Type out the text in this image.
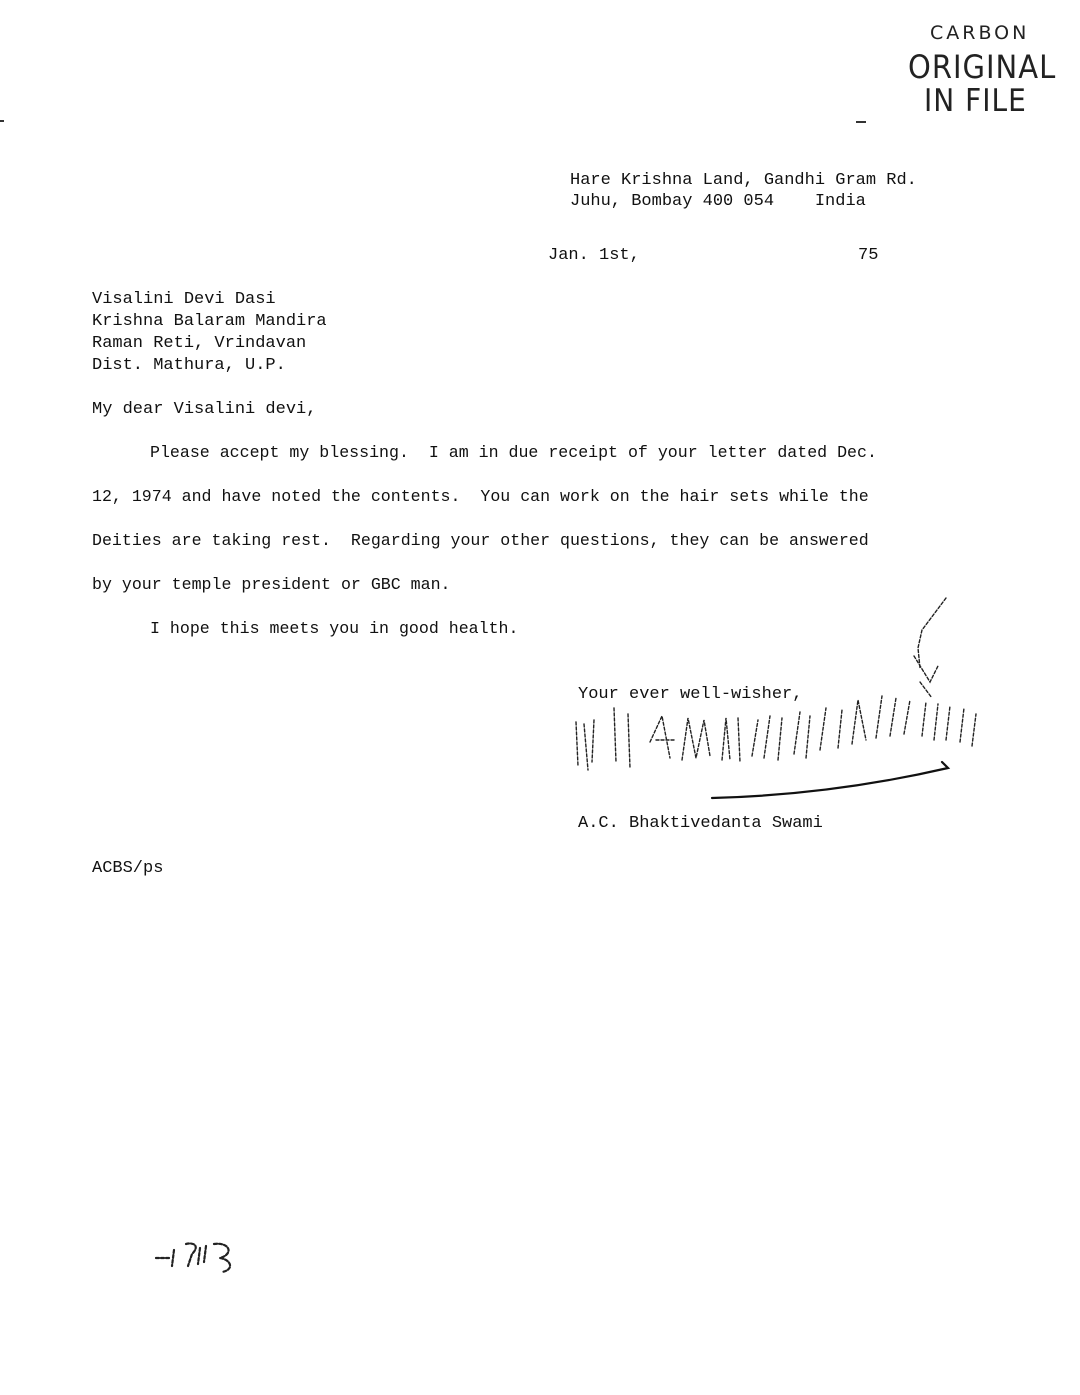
CARBON
ORIGINAL
IN FILE
Hare Krishna Land, Gandhi Gram Rd.
Juhu, Bombay 400 054    India
Jan. 1st,	75
Visalini Devi Dasi
Krishna Balaram Mandira
Raman Reti, Vrindavan
Dist. Mathura, U.P.
My dear Visalini devi,
Please accept my blessing.  I am in due receipt of your letter dated Dec.
12, 1974 and have noted the contents.  You can work on the hair sets while the
Deities are taking rest.  Regarding your other questions, they can be answered
by your temple president or GBC man.
I hope this meets you in good health.
Your ever well-wisher,
A.C. Bhaktivedanta Swami
ACBS/ps
